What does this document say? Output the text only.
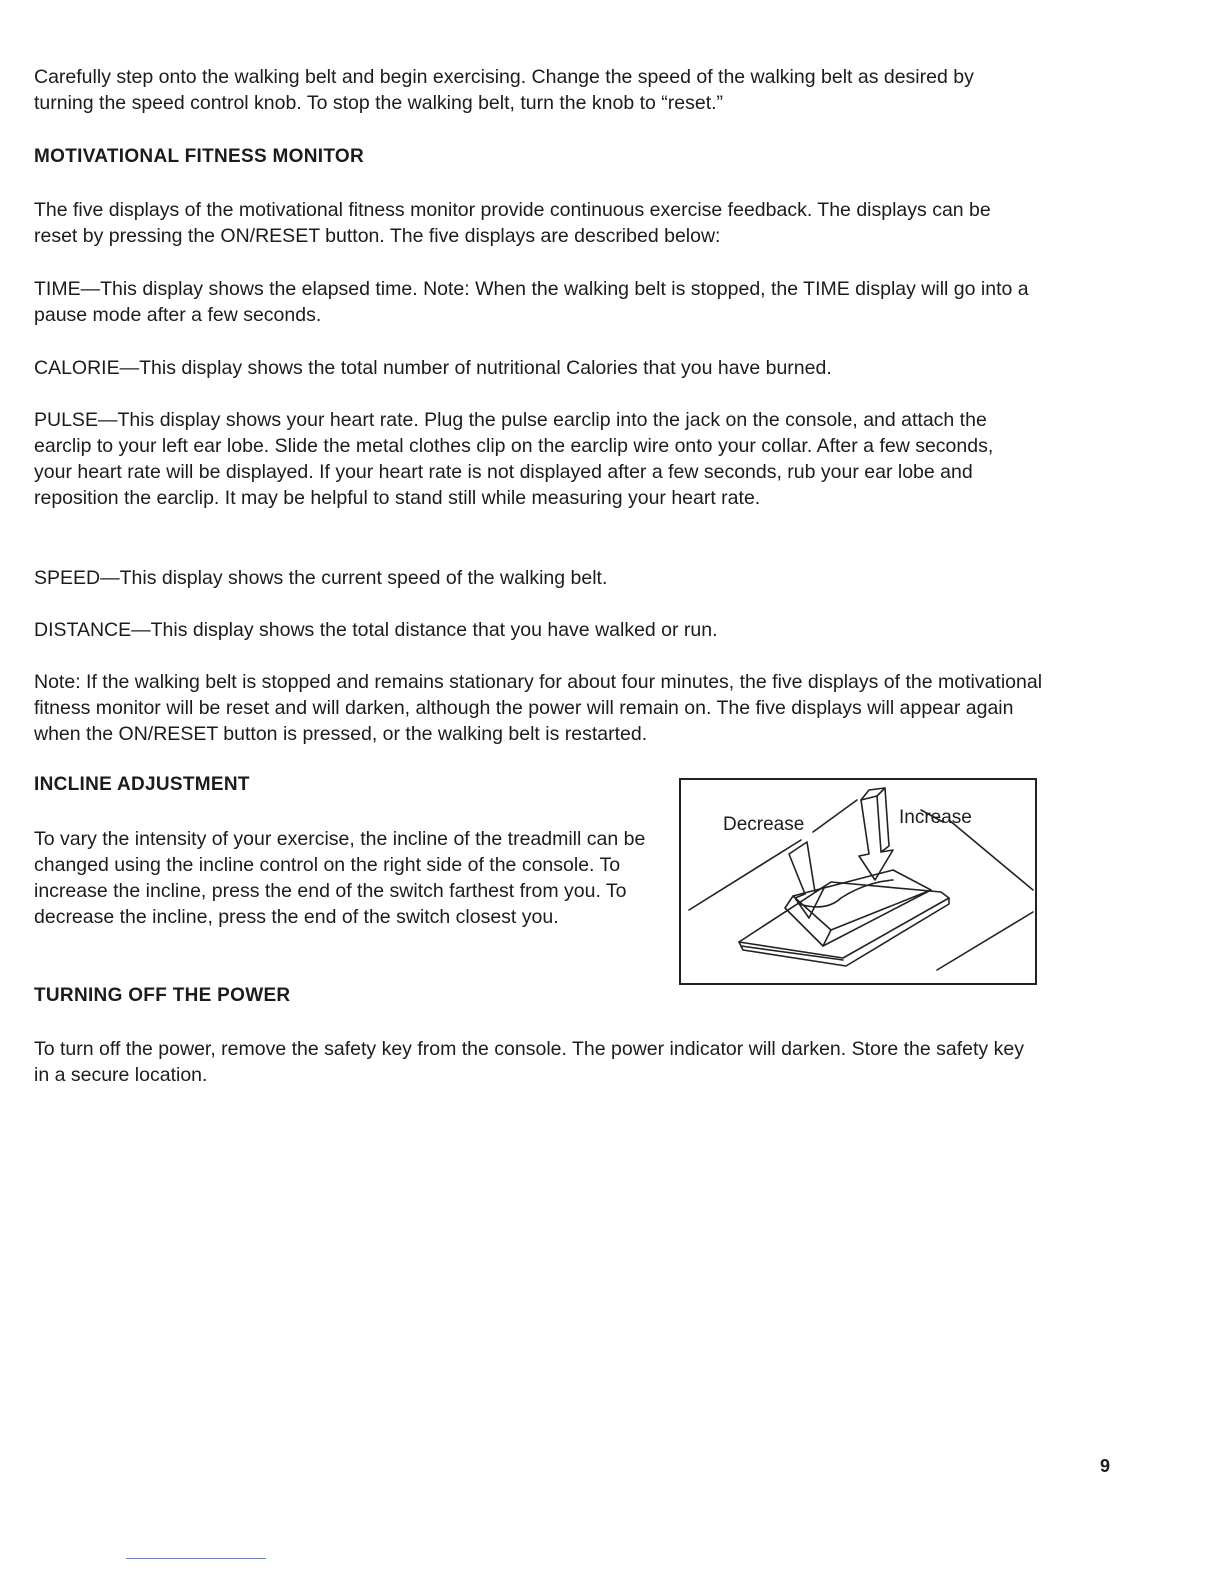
Carefully step onto the walking belt and begin exercising. Change the speed of the walking belt as desired by turning the speed control knob. To stop the walking belt, turn the knob to “reset.”

MOTIVATIONAL FITNESS MONITOR

The five displays of the motivational fitness monitor provide continuous exercise feedback. The displays can be reset by pressing the ON/RESET button. The five displays are described below:

TIME—This display shows the elapsed time. Note: When the walking belt is stopped, the TIME display will go into a pause mode after a few seconds.

CALORIE—This display shows the total number of nutritional Calories that you have burned.

PULSE—This display shows your heart rate. Plug the pulse earclip into the jack on the console, and attach the earclip to your left ear lobe. Slide the metal clothes clip on the earclip wire onto your collar. After a few seconds, your heart rate will be displayed. If your heart rate is not displayed after a few seconds, rub your ear lobe and reposition the earclip. It may be helpful to stand still while measuring your heart rate.

SPEED—This display shows the current speed of the walking belt.

DISTANCE—This display shows the total distance that you have walked or run.

Note: If the walking belt is stopped and remains stationary for about four minutes, the five displays of the motivational fitness monitor will be reset and will darken, although the power will remain on. The five displays will appear again when the ON/RESET button is pressed, or the walking belt is restarted.

INCLINE ADJUSTMENT

To vary the intensity of your exercise, the incline of the treadmill can be changed using the incline control on the right side of the console. To increase the incline, press the end of the switch farthest from you. To decrease the incline, press the end of the switch closest you.

Decrease	Increase
TURNING OFF THE POWER

To turn off the power, remove the safety key from the console. The power indicator will darken. Store the safety key in a secure location.

9
